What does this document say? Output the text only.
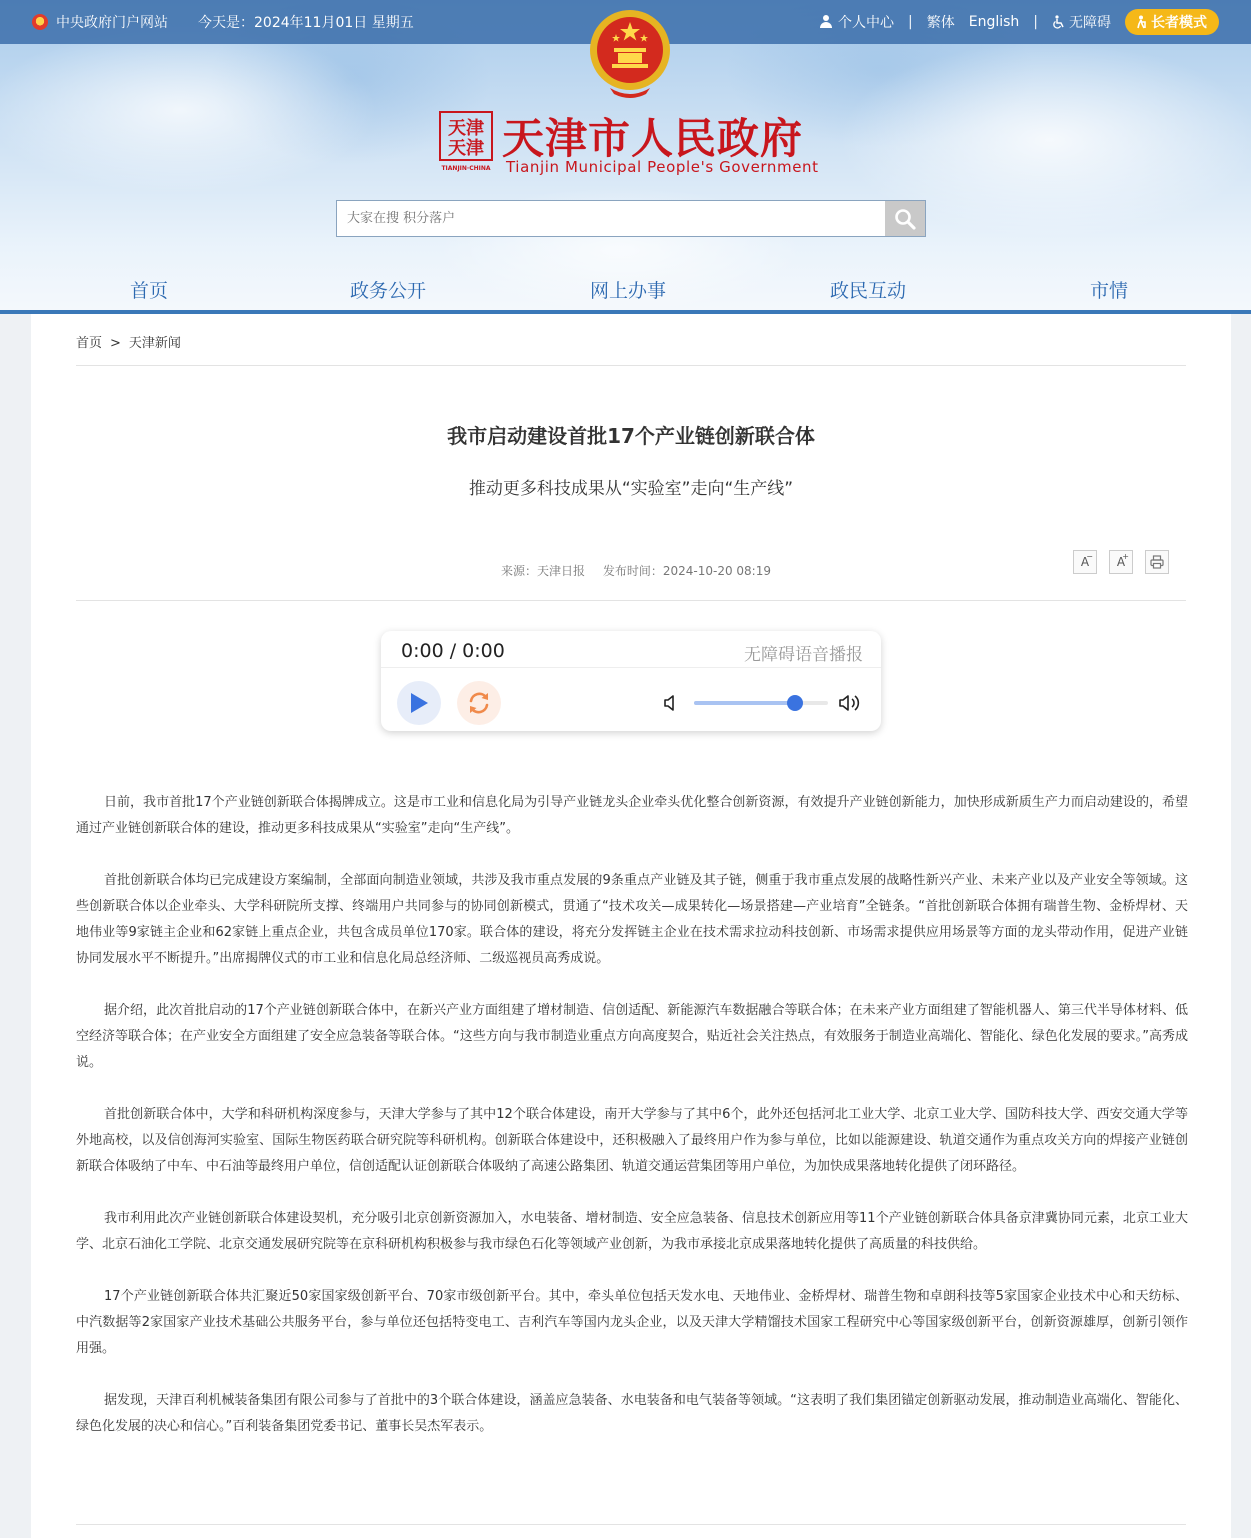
中央政府门户网站 今天是：2024年11月01日 星期五	个人中心 | 繁体 English |	无障碍	长者模式
天津
天津
TIANJIN·CHINA
天津市人民政府
Tianjin Municipal People's Government
大家在搜 积分落户
首页	政务公开	网上办事	政民互动	市情
首页 > 天津新闻
我市启动建设首批17个产业链创新联合体
推动更多科技成果从“实验室”走向“生产线”
来源：天津日报 发布时间：2024-10-20 08:19
A
− A
+
0:00 / 0:00	无障碍语音播报

日前，我市首批17个产业链创新联合体揭牌成立。这是市工业和信息化局为引导产业链龙头企业牵头优化整合创新资源，有效提升产业链创新能力，加快形成新质生产力而启动建设的，希望通过产业链创新联合体的建设，推动更多科技成果从“实验室”走向“生产线”。

首批创新联合体均已完成建设方案编制，全部面向制造业领域，共涉及我市重点发展的9条重点产业链及其子链，侧重于我市重点发展的战略性新兴产业、未来产业以及产业安全等领域。这些创新联合体以企业牵头、大学科研院所支撑、终端用户共同参与的协同创新模式，贯通了“技术攻关—成果转化—场景搭建—产业培育”全链条。“首批创新联合体拥有瑞普生物、金桥焊材、天地伟业等9家链主企业和62家链上重点企业，共包含成员单位170家。联合体的建设，将充分发挥链主企业在技术需求拉动科技创新、市场需求提供应用场景等方面的龙头带动作用，促进产业链协同发展水平不断提升。”出席揭牌仪式的市工业和信息化局总经济师、二级巡视员高秀成说。

据介绍，此次首批启动的17个产业链创新联合体中，在新兴产业方面组建了增材制造、信创适配、新能源汽车数据融合等联合体；在未来产业方面组建了智能机器人、第三代半导体材料、低空经济等联合体；在产业安全方面组建了安全应急装备等联合体。“这些方向与我市制造业重点方向高度契合，贴近社会关注热点，有效服务于制造业高端化、智能化、绿色化发展的要求。”高秀成说。

首批创新联合体中，大学和科研机构深度参与，天津大学参与了其中12个联合体建设，南开大学参与了其中6个，此外还包括河北工业大学、北京工业大学、国防科技大学、西安交通大学等外地高校，以及信创海河实验室、国际生物医药联合研究院等科研机构。创新联合体建设中，还积极融入了最终用户作为参与单位，比如以能源建设、轨道交通作为重点攻关方向的焊接产业链创新联合体吸纳了中车、中石油等最终用户单位，信创适配认证创新联合体吸纳了高速公路集团、轨道交通运营集团等用户单位，为加快成果落地转化提供了闭环路径。

我市利用此次产业链创新联合体建设契机，充分吸引北京创新资源加入，水电装备、增材制造、安全应急装备、信息技术创新应用等11个产业链创新联合体具备京津冀协同元素，北京工业大学、北京石油化工学院、北京交通发展研究院等在京科研机构积极参与我市绿色石化等领域产业创新，为我市承接北京成果落地转化提供了高质量的科技供给。

17个产业链创新联合体共汇聚近50家国家级创新平台、70家市级创新平台。其中，牵头单位包括天发水电、天地伟业、金桥焊材、瑞普生物和卓朗科技等5家国家企业技术中心和天纺标、中汽数据等2家国家产业技术基础公共服务平台，参与单位还包括特变电工、吉利汽车等国内龙头企业，以及天津大学精馏技术国家工程研究中心等国家级创新平台，创新资源雄厚，创新引领作用强。

据发现，天津百利机械装备集团有限公司参与了首批中的3个联合体建设，涵盖应急装备、水电装备和电气装备等领域。“这表明了我们集团锚定创新驱动发展，推动制造业高端化、智能化、绿色化发展的决心和信心。”百利装备集团党委书记、董事长吴杰军表示。
